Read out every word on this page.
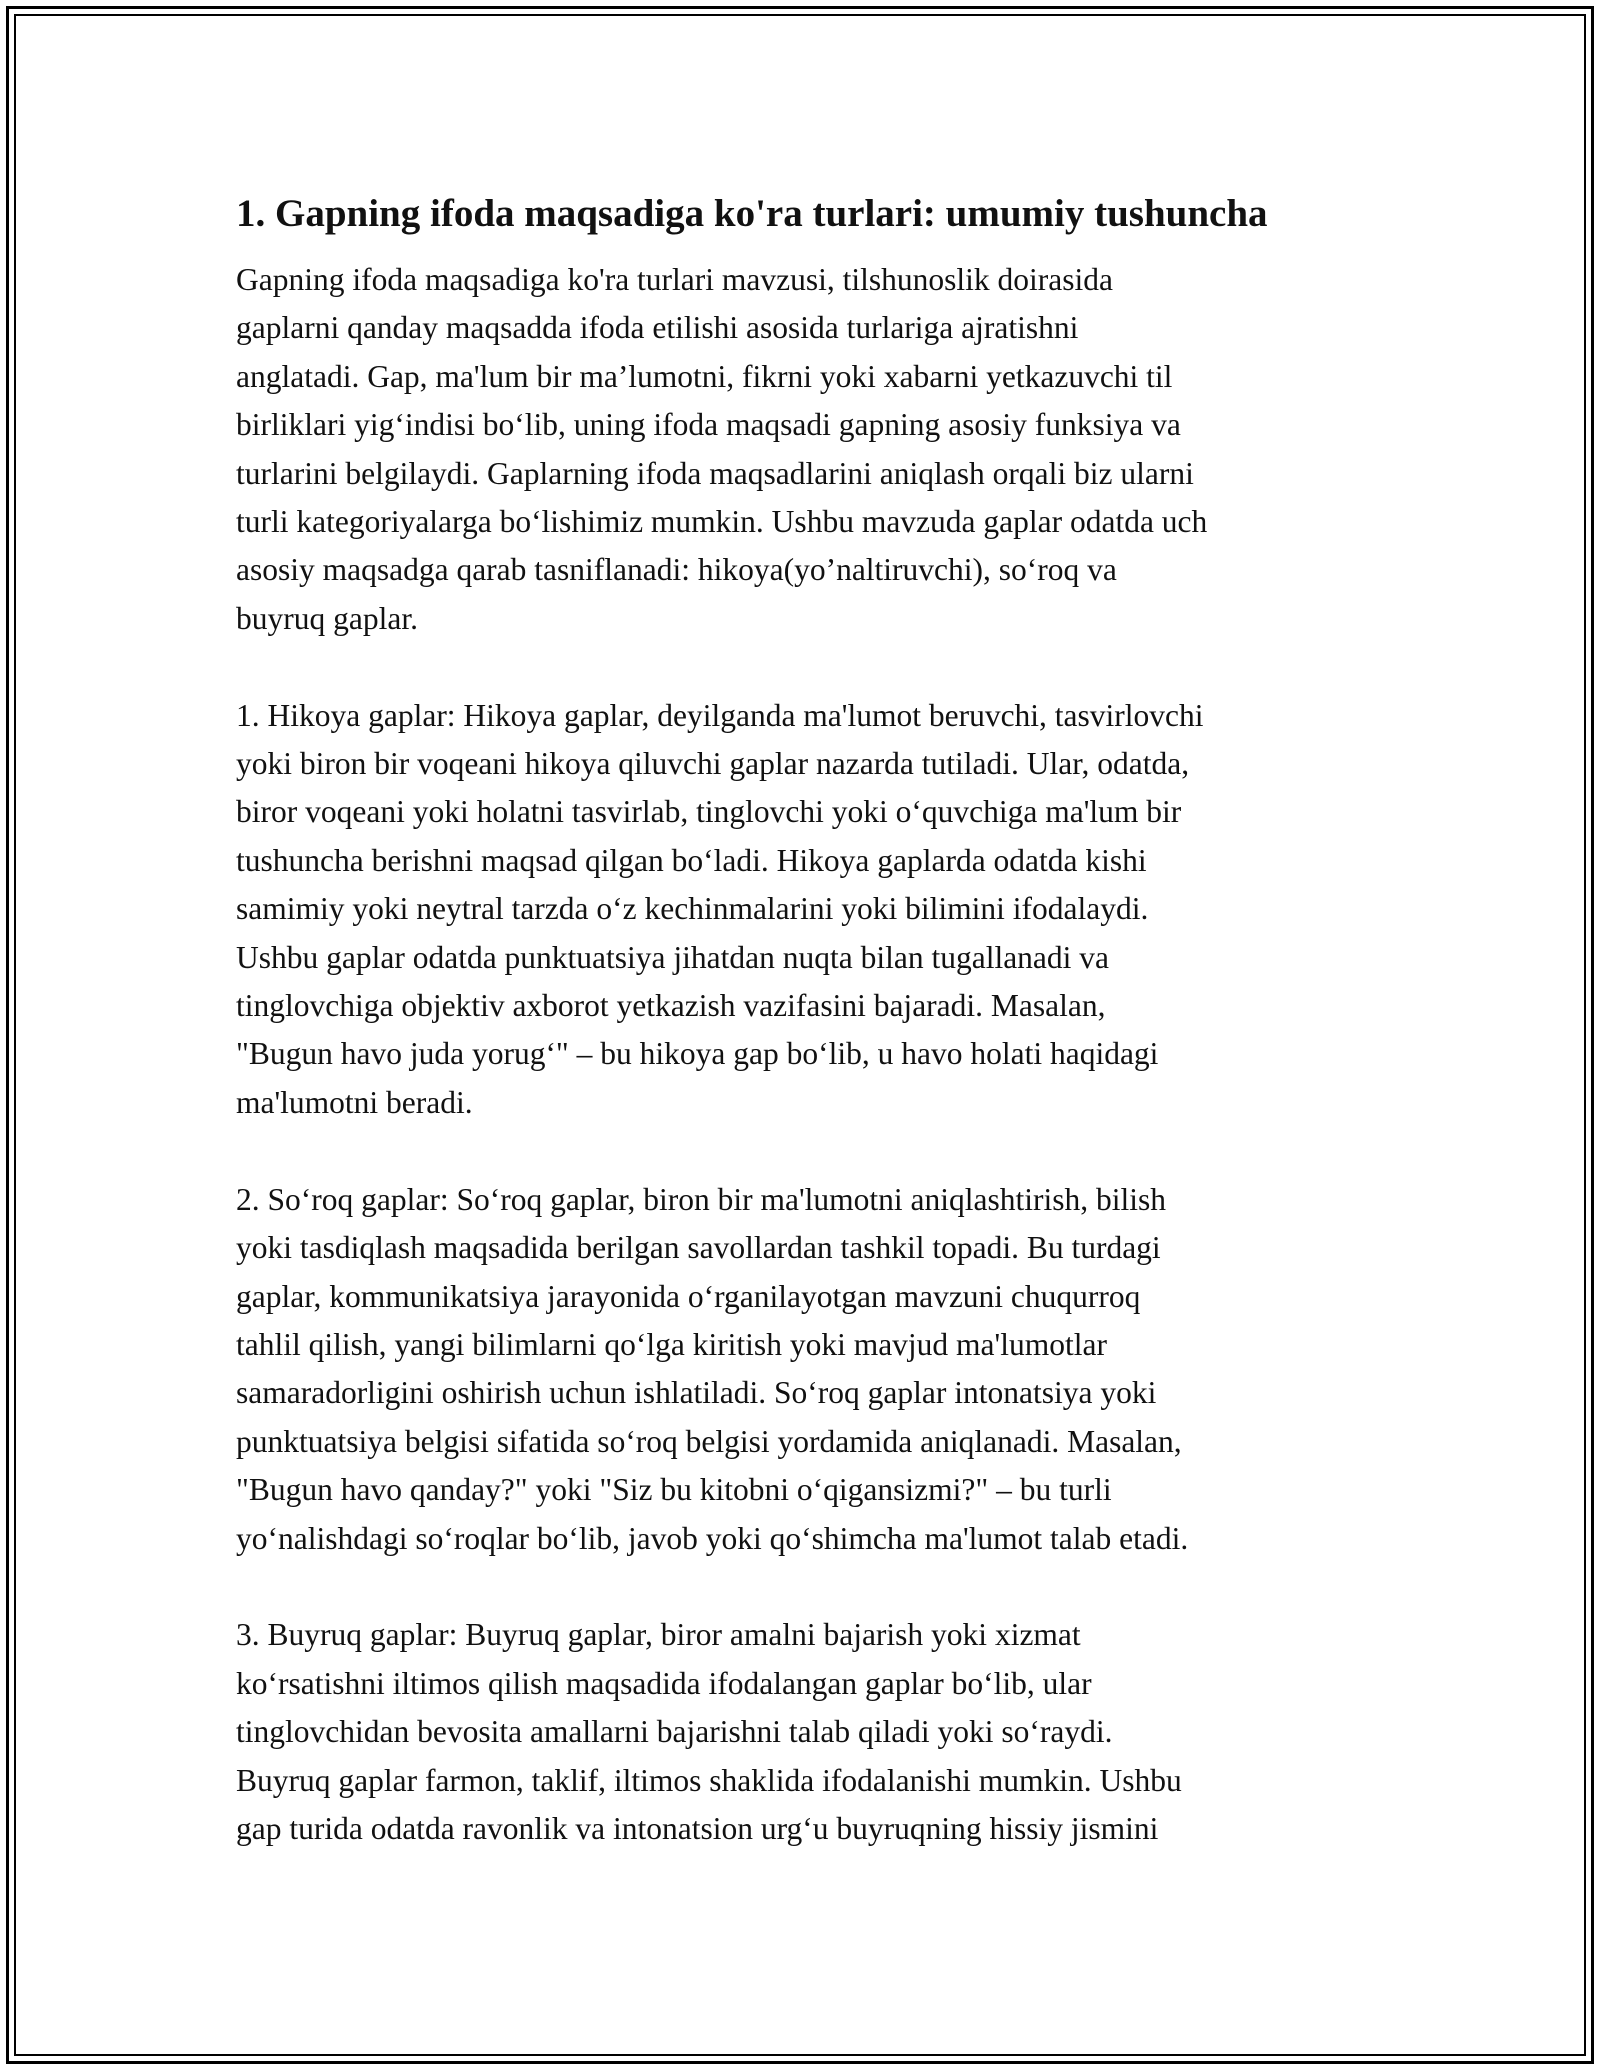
1. Gapning ifoda maqsadiga ko'ra turlari: umumiy tushuncha

Gapning ifoda maqsadiga ko'ra turlari mavzusi, tilshunoslik doirasida
gaplarni qanday maqsadda ifoda etilishi asosida turlariga ajratishni
anglatadi. Gap, ma'lum bir ma’lumotni, fikrni yoki xabarni yetkazuvchi til
birliklari yig‘indisi bo‘lib, uning ifoda maqsadi gapning asosiy funksiya va
turlarini belgilaydi. Gaplarning ifoda maqsadlarini aniqlash orqali biz ularni
turli kategoriyalarga bo‘lishimiz mumkin. Ushbu mavzuda gaplar odatda uch
asosiy maqsadga qarab tasniflanadi: hikoya(yo’naltiruvchi), so‘roq va
buyruq gaplar.

1. Hikoya gaplar: Hikoya gaplar, deyilganda ma'lumot beruvchi, tasvirlovchi
yoki biron bir voqeani hikoya qiluvchi gaplar nazarda tutiladi. Ular, odatda,
biror voqeani yoki holatni tasvirlab, tinglovchi yoki o‘quvchiga ma'lum bir
tushuncha berishni maqsad qilgan bo‘ladi. Hikoya gaplarda odatda kishi
samimiy yoki neytral tarzda o‘z kechinmalarini yoki bilimini ifodalaydi.
Ushbu gaplar odatda punktuatsiya jihatdan nuqta bilan tugallanadi va
tinglovchiga objektiv axborot yetkazish vazifasini bajaradi. Masalan,
"Bugun havo juda yorug‘" – bu hikoya gap bo‘lib, u havo holati haqidagi
ma'lumotni beradi.

2. So‘roq gaplar: So‘roq gaplar, biron bir ma'lumotni aniqlashtirish, bilish
yoki tasdiqlash maqsadida berilgan savollardan tashkil topadi. Bu turdagi
gaplar, kommunikatsiya jarayonida o‘rganilayotgan mavzuni chuqurroq
tahlil qilish, yangi bilimlarni qo‘lga kiritish yoki mavjud ma'lumotlar
samaradorligini oshirish uchun ishlatiladi. So‘roq gaplar intonatsiya yoki
punktuatsiya belgisi sifatida so‘roq belgisi yordamida aniqlanadi. Masalan,
"Bugun havo qanday?" yoki "Siz bu kitobni o‘qigansizmi?" – bu turli
yo‘nalishdagi so‘roqlar bo‘lib, javob yoki qo‘shimcha ma'lumot talab etadi.

3. Buyruq gaplar: Buyruq gaplar, biror amalni bajarish yoki xizmat
ko‘rsatishni iltimos qilish maqsadida ifodalangan gaplar bo‘lib, ular
tinglovchidan bevosita amallarni bajarishni talab qiladi yoki so‘raydi.
Buyruq gaplar farmon, taklif, iltimos shaklida ifodalanishi mumkin. Ushbu
gap turida odatda ravonlik va intonatsion urg‘u buyruqning hissiy jismini
